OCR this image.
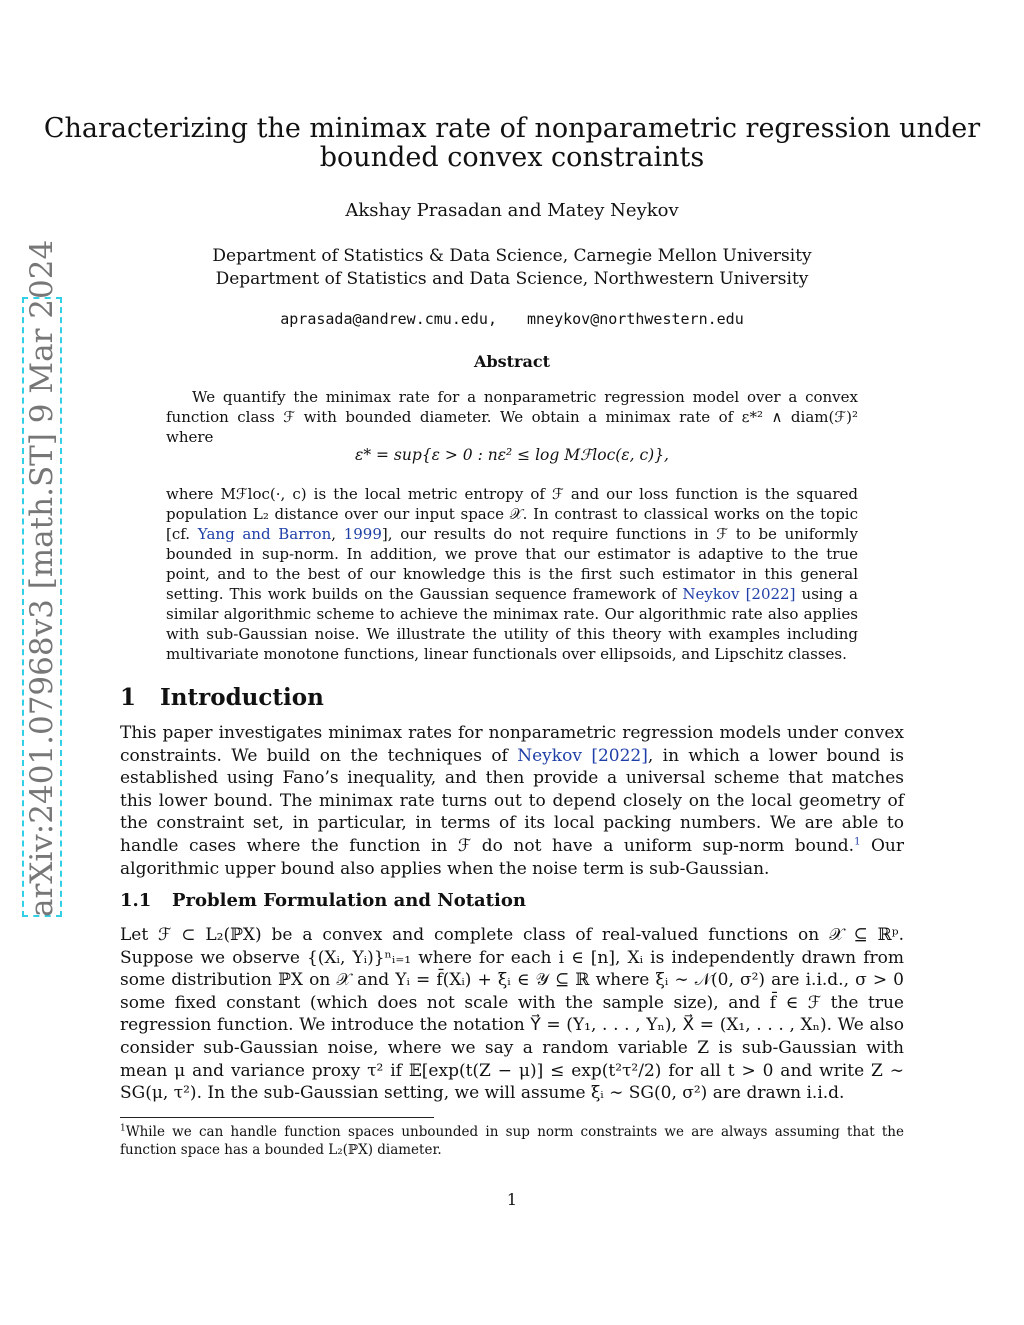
arXiv:2401.07968v3 [math.ST] 9 Mar 2024
Characterizing the minimax rate of nonparametric regression under
bounded convex constraints
Akshay Prasadan and Matey Neykov
Department of Statistics & Data Science, Carnegie Mellon University
Department of Statistics and Data Science, Northwestern University
aprasada@andrew.cmu.edu, mneykov@northwestern.edu
Abstract

We quantify the minimax rate for a nonparametric regression model over a convex function class ℱ with bounded diameter. We obtain a minimax rate of ε*² ∧ diam(ℱ)² where

ε* = sup{ε > 0 : nε² ≤ log Mℱloc(ε, c)},

where Mℱloc(·, c) is the local metric entropy of ℱ and our loss function is the squared population L₂ distance over our input space 𝒳. In contrast to classical works on the topic [cf. Yang and Barron, 1999], our results do not require functions in ℱ to be uniformly bounded in sup-norm. In addition, we prove that our estimator is adaptive to the true point, and to the best of our knowledge this is the first such estimator in this general setting. This work builds on the Gaussian sequence framework of Neykov [2022] using a similar algorithmic scheme to achieve the minimax rate. Our algorithmic rate also applies with sub-Gaussian noise. We illustrate the utility of this theory with examples including multivariate monotone functions, linear functionals over ellipsoids, and Lipschitz classes.

1 Introduction

This paper investigates minimax rates for nonparametric regression models under convex constraints. We build on the techniques of Neykov [2022], in which a lower bound is established using Fano’s inequality, and then provide a universal scheme that matches this lower bound. The minimax rate turns out to depend closely on the local geometry of the constraint set, in particular, in terms of its local packing numbers. We are able to handle cases where the function in ℱ do not have a uniform sup-norm bound.$^1$ Our algorithmic upper bound also applies when the noise term is sub-Gaussian.

1.1 Problem Formulation and Notation

Let ℱ ⊂ L₂(ℙX) be a convex and complete class of real-valued functions on 𝒳 ⊆ ℝᵖ. Suppose we observe {(Xᵢ, Yᵢ)}ⁿᵢ₌₁ where for each i ∈ [n], Xᵢ is independently drawn from some distribution ℙX on 𝒳 and Yᵢ = f̄(Xᵢ) + ξᵢ ∈ 𝒴 ⊆ ℝ where ξᵢ ∼ 𝒩(0, σ²) are i.i.d., σ > 0 some fixed constant (which does not scale with the sample size), and f̄ ∈ ℱ the true regression function. We introduce the notation Y⃗ = (Y₁, . . . , Yₙ), X⃗ = (X₁, . . . , Xₙ). We also consider sub-Gaussian noise, where we say a random variable Z is sub-Gaussian with mean μ and variance proxy τ² if 𝔼[exp(t(Z − μ)] ≤ exp(t²τ²/2) for all t > 0 and write Z ∼ SG(μ, τ²). In the sub-Gaussian setting, we will assume ξᵢ ∼ SG(0, σ²) are drawn i.i.d.

$^1$While we can handle function spaces unbounded in sup norm constraints we are always assuming that the function space has a bounded L₂(ℙX) diameter.
1
